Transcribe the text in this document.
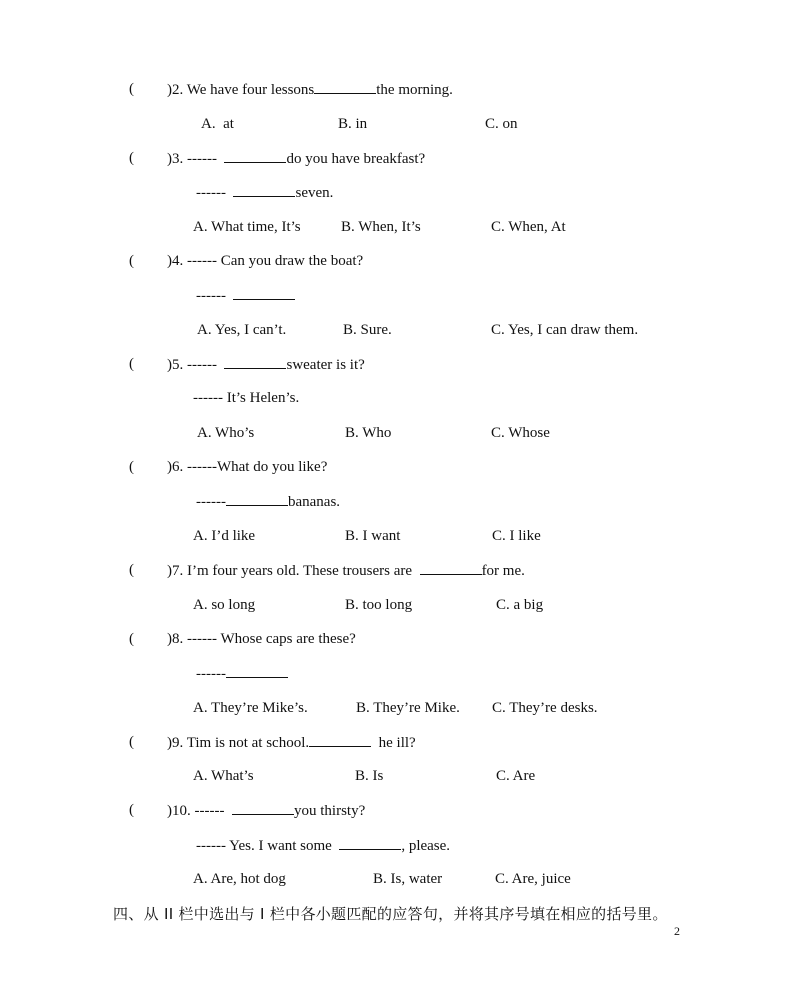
( )2. We have four lessons	the morning.
A.  at	B. in	C. on
( )3. ------	do you have breakfast?
------	seven.
A. What time, It’s	B. When, It’s	C. When, At
( )4. ------ Can you draw the boat?
------
A. Yes, I can’t.	B. Sure.	C. Yes, I can draw them.
( )5. ------	sweater is it?
------ It’s Helen’s.
A. Who’s	B. Who	C. Whose
( )6. ------What do you like?
------	bananas.
A. I’d like	B. I want	C. I like
( )7. I’m four years old. These trousers are	for me.
A. so long	B. too long	C. a big
( )8. ------ Whose caps are these?
------
A. They’re Mike’s.	B. They’re Mike. C. They’re desks.
( )9. Tim is not at school.	he ill?
A. What’s	B. Is	C. Are
( )10. ------	you thirsty?
------ Yes. I want some	, please.
A. Are, hot dog	B. Is, water	C. Are, juice
四、从 II 栏中选出与 I 栏中各小题匹配的应答句，并将其序号填在相应的括号里。
2
